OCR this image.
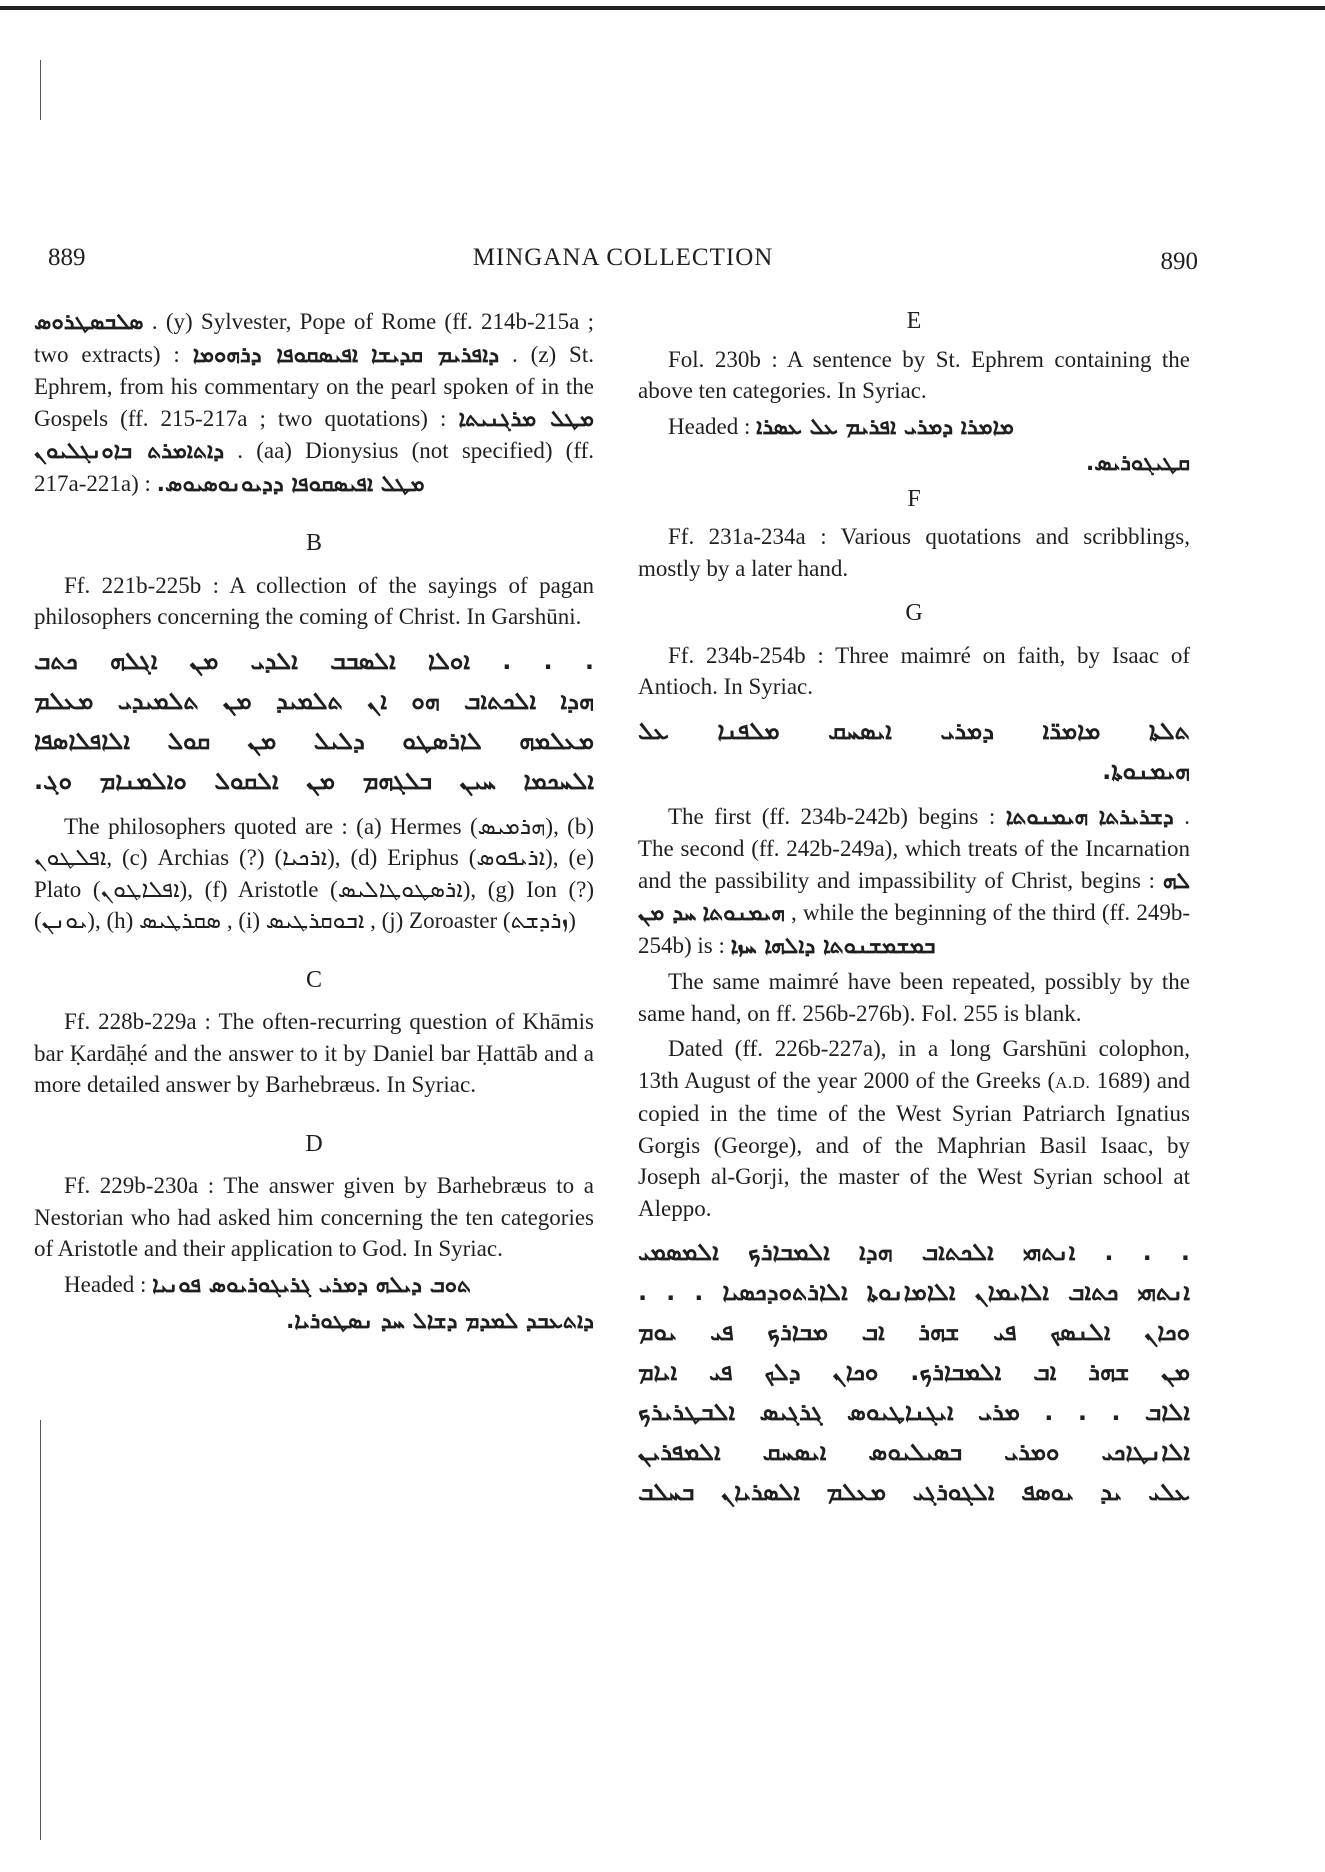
889	MINGANA COLLECTION	890

ܣܠܒܣܛܪܘܣ . (y) Sylvester, Pope of Rome (ff. 214b-215a ; two extracts) : ܐܦܝܣܩܘܦܐ ܕܪܗܘܡܐ ܕܐܦܪܝܡ ܩܕܝܫܐ . (z) St. Ephrem, from his commentary on the pearl spoken of in the Gospels (ff. 215-217a ; two quotations) : ܡܛܠ ܡܪܓܢܝܬܐ ܕܐܬܐܡܪܬ ܒܐܘܢܓܠܝܘܢ . (aa) Dionysius (not specified) (ff. 217a-221a) : ܡܛܠ ܐܦܝܣܩܘܦܐ ܕܕܝܘܢܘܣܝܘܣ.

B

Ff. 221b-225b : A collection of the sayings of pagan philosophers concerning the coming of Christ. In Garshūni.

. . . ܐܘܠܐ ܐܠܣܒܒ ܐܠܕܝ ܡܢ ܐܓܠܗ ܟܬܒ
ܗܕܐ ܐܠܟܬܐܒ ܗܘ ܐܢ ܬܠܡܝܕ ܡܢ ܬܠܡܝܕܝ ܡܥܠܡ
ܡܥܠܡܗ ܠܐܪܣܛܘ ܕܠܝܠ ܡܢ ܩܘܠ ܐܠܐܦܠܐܣܦܐ
ܐܠܚܟܡܐ ܚܝܢ ܒܠܓܗܡ ܡܢ ܐܠܩܘܠ ܘܐܠܡܢܐܡ ܘܓ.

The philosophers quoted are : (a) Hermes (ܗܪܡܝܣ), (b) ܐܦܠܛܘܢ, (c) Archias (?) (ܐܪܟܝܐ), (d) Eriphus (ܐܪܝܦܘܣ), (e) Plato (ܐܦܠܐܛܘܢ), (f) Aristotle (ܐܪܣܛܘܛܐܠܝܣ), (g) Ion (?) (ܝܘܢܢ), (h) ܣܩܪܛܝܣ , (i) ܐܒܘܩܪܛܝܣ , (j) Zoroaster (ܙܪܕܫܬ)

C

Ff. 228b-229a : The often-recurring question of Khāmis bar Ḳardāḥé and the answer to it by Daniel bar Ḥattāb and a more detailed answer by Barhebræus. In Syriac.

D

Ff. 229b-230a : The answer given by Barhebræus to a Nestorian who had asked him concerning the ten categories of Aristotle and their application to God. In Syriac.

Headed : ܬܘܒ ܕܝܠܗ ܕܡܪܝ ܓܪܝܓܘܪܝܘܣ ܦܘܢܝܐ

ܕܐܬܥܒܕ ܠܡܕܡ ܕܫܐܠ ܚܕ ܢܣܛܘܪܝܐ.

E

Fol. 230b : A sentence by St. Ephrem containing the above ten categories. In Syriac.

Headed : ܡܐܡܪܐ ܕܡܪܝ ܐܦܪܝܡ ܥܠ ܥܣܪܐ

ܩܛܝܓܘܪܝܣ.

F

Ff. 231a-234a : Various quotations and scribblings, mostly by a later hand.

G

Ff. 234b-254b : Three maimré on faith, by Isaac of Antioch. In Syriac.

ܬܠܬܐ ܡܐܡܪ̈ܐ ܕܡܪܝ ܐܝܣܚܩ ܡܠܦܢܐ ܥܠ
ܗܝܡܢܘܬܐ.

The first (ff. 234b-242b) begins : ܗܝܡܢܘܬܐ ܕܫܪܝܪܬܐ . The second (ff. 242b-249a), which treats of the Incarnation and the passibility and impassibility of Christ, begins : ܠܗ ܚܕ ܡܢ ܗܝܡܢܘܬܐ , while the beginning of the third (ff. 249b-254b) is : ܒܡܫܡܫܢܘܬܐ ܕܐܠܗܐ ܚܙܐ

The same maimré have been repeated, possibly by the same hand, on ff. 256b-276b). Fol. 255 is blank.

Dated (ff. 226b-227a), in a long Garshūni colophon, 13th August of the year 2000 of the Greeks (A.D. 1689) and copied in the time of the West Syrian Patriarch Ignatius Gorgis (George), and of the Maphrian Basil Isaac, by Joseph al-Gorji, the master of the West Syrian school at Aleppo.

. . . ܐܢܬܗܝ ܐܠܟܬܐܒ ܗܕܐ ܐܠܡܒܐܪܟ ܐܠܡܣܡܝ
ܐܢܬܗܝ ܟܬܐܒ ܐܠܐܝܡܐܢ ܐܠܐܡܐܢܘܬܐ ܐܠܐܪܬܘܕܟܣܝܐ . . .
ܘܟܐܢ ܐܠܢܣܟ ܦܝ ܫܗܪ ܐܒ ܡܒܐܪܟ ܦܝ ܝܘܡ
ܡܢ ܫܗܪ ܐܒ ܐܠܡܒܐܪܟ. ܘܟܐܢ ܕܠܟ ܦܝ ܐܝܐܡ
ܐܠܐܒ . . . ܡܪܝ ܐܝܓܢܐܛܝܘܣ ܓܪܓܝܣ ܐܠܒܛܪܝܪܟ
ܐܠܐܢܛܐܟܝ ܘܡܪܝ ܒܣܝܠܝܘܣ ܐܝܣܚܩ ܐܠܡܦܪܝܢ
ܥܠܝ ܝܕ ܝܘܣܦ ܐܠܓܘܪܓܝ ܡܥܠܡ ܐܠܣܪܝܐܢ ܒܚܠܒ
